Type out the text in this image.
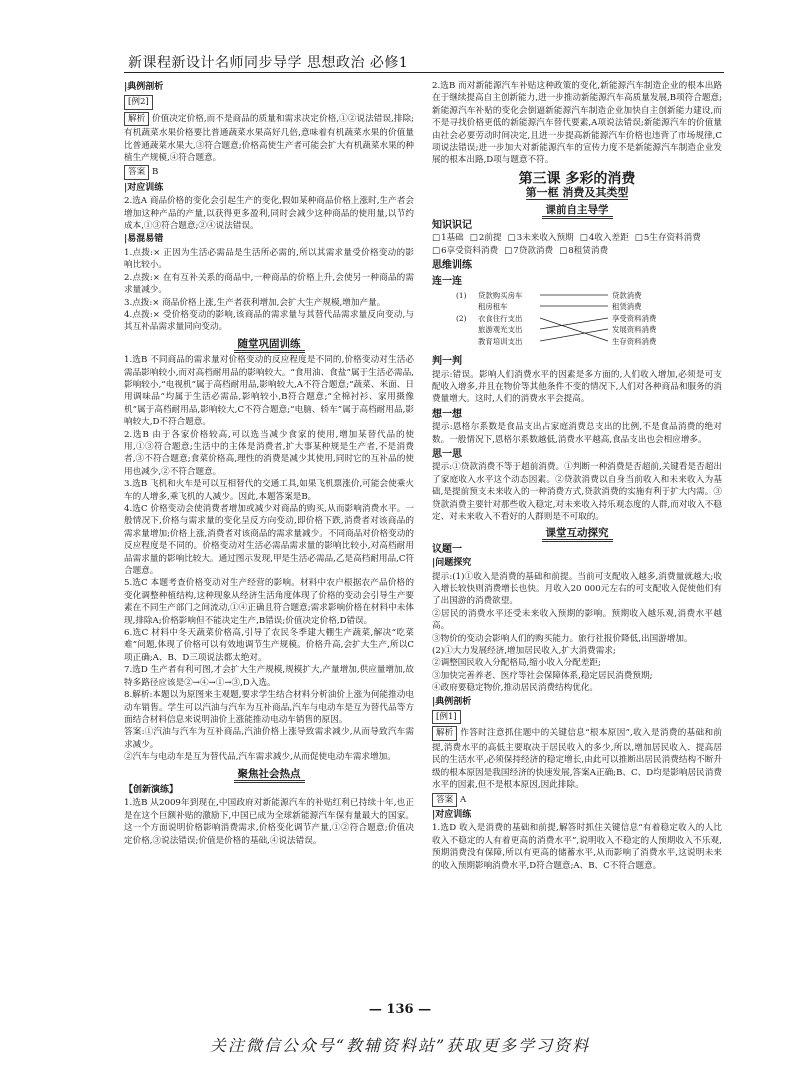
新课程新设计名师同步导学 思想政治 必修1
|典例剖析
[例2]

解析 价值决定价格,而不是商品的质量和需求决定价格,①②说法错误,排除;有机蔬菜水果价格要比普通蔬菜水果高好几倍,意味着有机蔬菜水果的价值量比普通蔬菜水果大,③符合题意;价格高使生产者可能会扩大有机蔬菜水果的种植生产规模,④符合题意。

答案 B

|对应训练

2.选A 商品价格的变化会引起生产的变化,假如某种商品价格上涨时,生产者会增加这种产品的产量,以获得更多盈利,同时会减少这种商品的使用量,以节约成本,①③符合题意;②④说法错误。

|易混易错

1.点拨:× 正因为生活必需品是生活所必需的,所以其需求量受价格变动的影响比较小。

2.点拨:× 在有互补关系的商品中,一种商品的价格上升,会使另一种商品的需求量减少。

3.点拨:× 商品价格上涨,生产者获利增加,会扩大生产规模,增加产量。

4.点拨:× 受价格变动的影响,该商品的需求量与其替代品需求量反向变动,与其互补品需求量同向变动。

随堂巩固训练

1.选B 不同商品的需求量对价格变动的反应程度是不同的,价格变动对生活必需品影响较小,而对高档耐用品的影响较大。“食用油、食盐”属于生活必需品,影响较小,“电视机”属于高档耐用品,影响较大,A不符合题意;“蔬菜、米面、日用调味品”均属于生活必需品,影响较小,B符合题意;“全棉衬衫、家用摄像机”属于高档耐用品,影响较大,C不符合题意;“电脑、轿车”属于高档耐用品,影响较大,D不符合题意。

2.选B 由于各家价格较高,可以选当减少食家的使用,增加某替代品的使用,①③符合题意;生活中的主体是消费者,扩大事某种规是生产者,不是消费者,③不符合题意;食菜价格高,理性的消费是减少其使用,同时它的互补品的使用也减少,②不符合题意。

3.选B 飞机和火车是可以互相替代的交通工具,如果飞机票涨价,可能会使乘火车的人增多,乘飞机的人减少。因此,本题答案是B。

4.选C 价格变动会使消费者增加或减少对商品的购买,从而影响消费水平。一般情况下,价格与需求量的变化呈反方向变动,即价格下跌,消费者对该商品的需求量增加;价格上涨,消费者对该商品的需求量减少。不同商品对价格变动的反应程度是不同的。价格变动对生活必需品需求量的影响比较小,对高档耐用品需求量的影响比较大。通过图示发现,甲是生活必需品,乙是高档耐用品,C符合题意。

5.选C 本题考查价格变动对生产经营的影响。材料中农户根据农产品价格的变化调整种植结构,这种现象从经济生活角度体现了价格的变动会引导生产要素在不同生产部门之间流动,①④正确且符合题意;需求影响价格在材料中未体现,排除A;价格影响但不能决定生产,B错误;价值决定价格,D错误。

6.选C 材料中冬天蔬菜价格高,引导了农民冬季建大棚生产蔬菜,解决“吃菜难”问题,体现了价格可以有效地调节生产规模。价格升高,会扩大生产,所以C项正确;A、B、D三项说法都太绝对。

7.选D 生产者有利可图,才会扩大生产规模,规模扩大,产量增加,供应量增加,故特多路径应该是②→④→①→③,D入选。

8.解析:本题以为原图来主观题,要求学生结合材料分析油价上涨为何能推动电动车销售。学生可以汽油与汽车为互补商品,汽车与电动车是互为替代品等方面结合材料信息来说明油价上涨能推动电动车销售的原因。

答案:①汽油与汽车为互补商品,汽油价格上涨导致需求减少,从而导致汽车需求减少。

②汽车与电动车是互为替代品,汽车需求减少,从而促使电动车需求增加。

聚焦社会热点
【创新演练】

1.选B 从2009年到现在,中国政府对新能源汽车的补贴红利已持续十年,也正是在这个巨额补贴的激励下,中国已成为全球新能源汽车保有量最大的国家。这一个方面说明价格影响消费需求,价格变化调节产量,①②符合题意;价值决定价格,③说法错误;价值是价格的基础,④说法错误。

2.选B 而对新能源汽车补贴这种政策的变化,新能源汽车制造企业的根本出路在于继续提高自主创新能力,进一步推动新能源汽车高质量发展,B项符合题意;新能源汽车补贴的变化会倒逼新能源汽车制造企业加快自主创新能力建设,而不是寻找价格更低的新能源汽车替代要素,A项说法错误;新能源汽车的价值量由社会必要劳动时间决定,且进一步提高新能源汽车价格也违背了市场规律,C项说法错误;进一步加大对新能源汽车的宣传力度不是新能源汽车制造企业发展的根本出路,D项与题意不符。

第三课 多彩的消费
第一框 消费及其类型
课前自主导学
知识识记
□ 1基础	□ 2前提	□ 3未来收入预期	□ 4收入差距	□ 5生存资料消费
□ 6享受资料消费	□ 7贷款消费	□ 8租赁消费
思维训练
连一连
(1)
(2)
贷款购买房车
租房租车
衣食住行支出
旅游观光支出
教育培训支出
贷款消费
租赁消费
享受资料消费
发展资料消费
生存资料消费
判一判

提示:错误。影响人们消费水平的因素是多方面的,人们收入增加,必须是可支配收入增多,并且在物价等其他条件不变的情况下,人们对各种商品和服务的消费量增大。这时,人们的消费水平会提高。

想一想

提示:恩格尔系数是食品支出占家庭消费总支出的比例,不是食品消费的绝对数。一般情况下,恩格尔系数越低,消费水平越高,食品支出也会相应增多。

思一思

提示:①贷款消费不等于超前消费。①判断一种消费是否超前,关键看是否超出了家庭收入水平这个动态因素。②贷款消费以自身当前收入和未来收入为基础,是提前预支未来收入的一种消费方式,贷款消费的实施有利于扩大内需。③贷款消费主要针对那些收入稳定,对未来收入持乐观态度的人群,而对收入不稳定、对未来收入不看好的人群则是不可取的。

课堂互动探究
议题一
|问题探究

提示:(1)①收入是消费的基础和前提。当前可支配收入越多,消费量就越大;收入增长较快则消费增长也快。月收入20 000元左右的可支配收入促使他们有了出国游的消费欲望。

②居民的消费水平还受未来收入预期的影响。预期收入越乐观,消费水平越高。

③物价的变动会影响人们的购买能力。旅行社报价降低,出国游增加。

(2)①大力发展经济,增加居民收入,扩大消费需求;

②调整国民收入分配格局,缩小收入分配差距;

③加快完善养老、医疗等社会保障体系,稳定居民消费预期;

④政府要稳定物价,推动居民消费结构优化。

|典例剖析
[例1]

解析 作答时注意抓住题中的关键信息“根本原因”,收入是消费的基础和前提,消费水平的高低主要取决于居民收入的多少,所以,增加居民收入、提高居民的生活水平,必须保持经济的稳定增长,由此可以推断出居民消费结构不断升级的根本原因是我国经济的快速发展,答案A正确;B、C、D均是影响居民消费水平的因素,但不是根本原因,因此排除。

答案 A

|对应训练

1.选D 收入是消费的基础和前提,解答时抓住关键信息“有着稳定收入的人比收入不稳定的人有着更高的消费水平”,说明收入不稳定的人预期收入不乐观,预期消费没有保障,所以有更高的储蓄水平,从而影响了消费水平,这说明未来的收入预期影响消费水平,D符合题意;A、B、C不符合题意。

— 136 —
关注微信公众号“教辅资料站”获取更多学习资料
